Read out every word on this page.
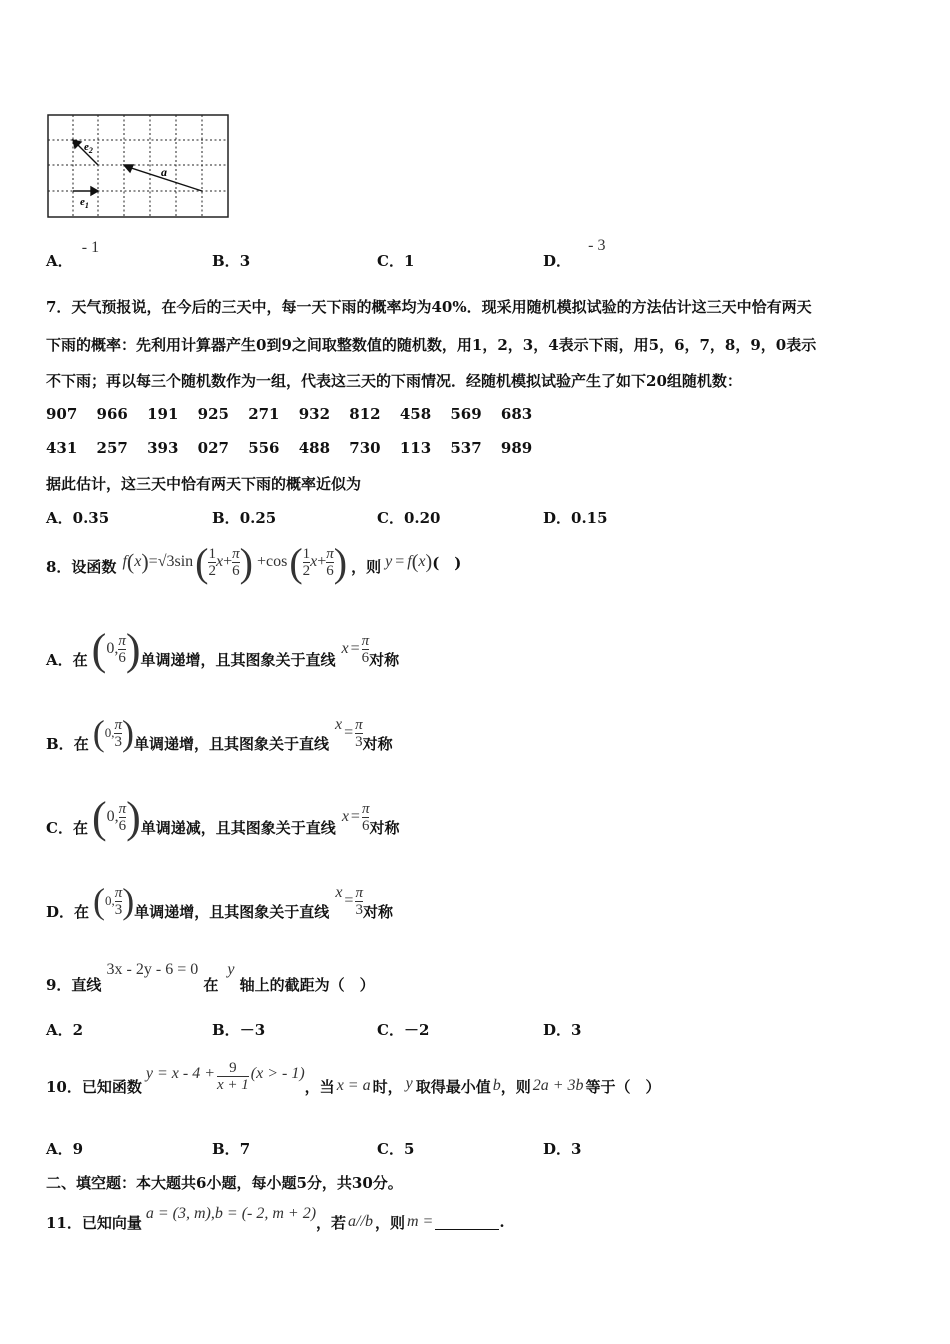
$e_2$
a
$e_1$
A． - 1
B．3	C．1	D． - 3
7．天气预报说，在今后的三天中，每一天下雨的概率均为40%．现采用随机模拟试验的方法估计这三天中恰有两天
下雨的概率：先利用计算器产生0到9之间取整数值的随机数，用1，2，3，4表示下雨，用5，6，7，8，9，0表示
不下雨；再以每三个随机数作为一组，代表这三天的下雨情况．经随机模拟试验产生了如下20组随机数：
907 966 191 925 271 932 812 458 569 683
431 257 393 027 556 488 730 113 537 989
据此估计，这三天中恰有两天下雨的概率近似为
A．0.35	B．0.25	C．0.20	D．0.15
8．设函数 f ( x ) = √3 sin ( $\frac{1}{2}$ $x + \frac{\pi}{6}$ ) + cos ( $\frac{1}{2}$ $x + \frac{\pi}{6}$ ) ，则 y = f ( x ) (　)
A． 在 ( 0, $\frac{\pi}{6}$ ) 单调递增，且其图象关于直线
$x = \frac{\pi}{6}$ 对称
B． 在 ( 0, $\frac{\pi}{3}$ ) 单调递增，且其图象关于直线
$x = \frac{\pi}{3}$ 对称
C． 在 ( 0, $\frac{\pi}{6}$ ) 单调递减，且其图象关于直线
$x = \frac{\pi}{6}$ 对称
D． 在 ( 0, $\frac{\pi}{3}$ ) 单调递增，且其图象关于直线
$x = \frac{\pi}{3}$ 对称
9．直线 3x - 2y - 6 = 0 在 y 轴上的截距为（　）
A．2	B．－3	C．－2	D．3
10．已知函数
$y = x - 4 + \frac{9}{x + 1} (x$ > - 1)
，当 x = a 时， y 取得最小值 b ，则 2a + 3b 等于（　）
A．9	B．7	C．5	D．3
二、填空题：本大题共6小题，每小题5分，共30分。
11．已知向量 a = (3, m) , b = (- 2, m + 2) ，若 a//b ，则 m =	.
